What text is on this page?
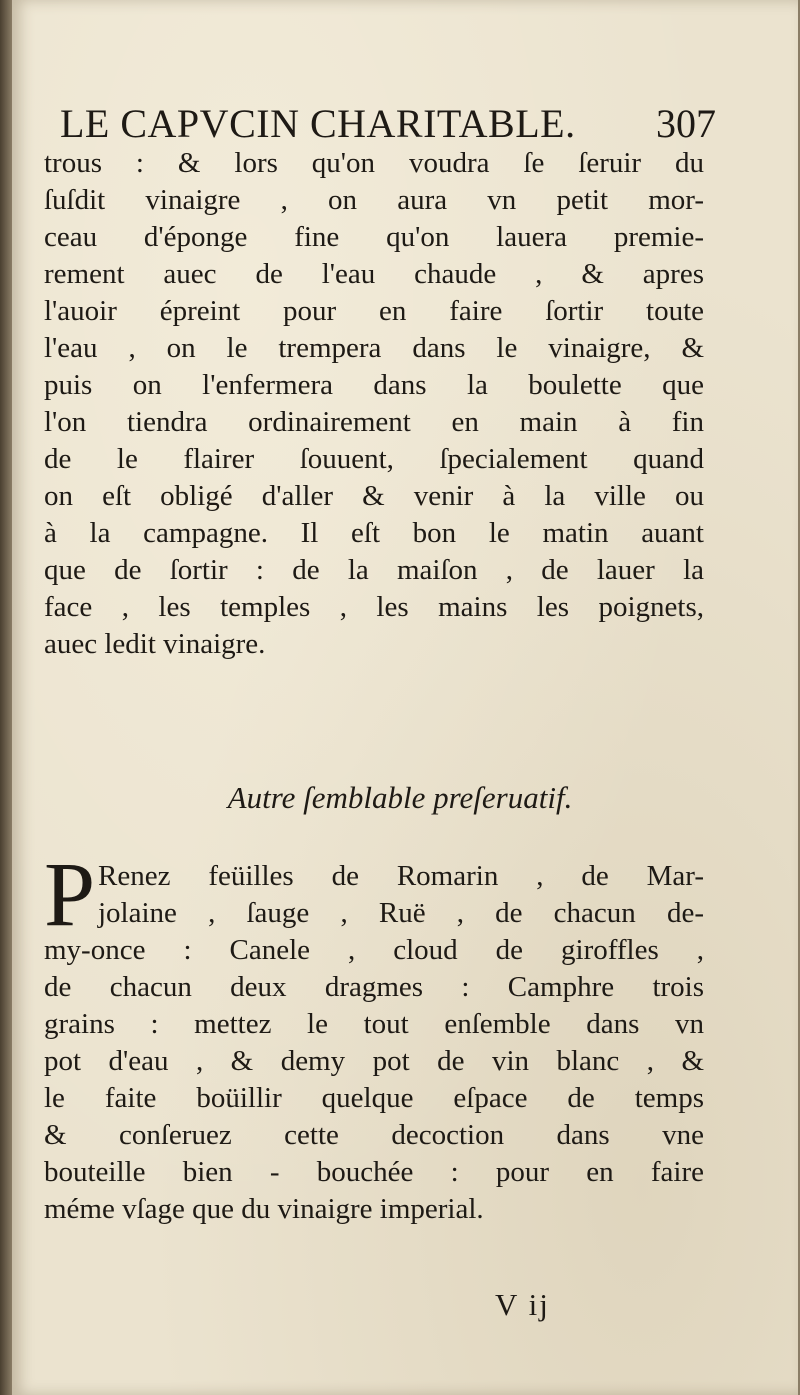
LE CAPVCIN CHARITABLE. 307
trous : & lors qu'on voudra ſe ſeruir du
ſuſdit vinaigre , on aura vn petit mor-
ceau d'éponge fine qu'on lauera premie-
rement auec de l'eau chaude , & apres
l'auoir épreint pour en faire ſortir toute
l'eau , on le trempera dans le vinaigre, &
puis on l'enfermera dans la boulette que
l'on tiendra ordinairement en main à fin
de le flairer ſouuent, ſpecialement quand
on eſt obligé d'aller & venir à la ville ou
à la campagne. Il eſt bon le matin auant
que de ſortir : de la maiſon , de lauer la
face , les temples , les mains les poignets,
auec ledit vinaigre.
Autre ſemblable preſeruatif.
P Renez feüilles de Romarin , de Mar-
jolaine , ſauge , Ruë , de chacun de-
my-once : Canele , cloud de giroffles ,
de chacun deux dragmes : Camphre trois
grains : mettez le tout enſemble dans vn
pot d'eau , & demy pot de vin blanc , &
le faite boüillir quelque eſpace de temps
& conſeruez cette decoction dans vne
bouteille bien - bouchée : pour en faire
méme vſage que du vinaigre imperial.
V ij
